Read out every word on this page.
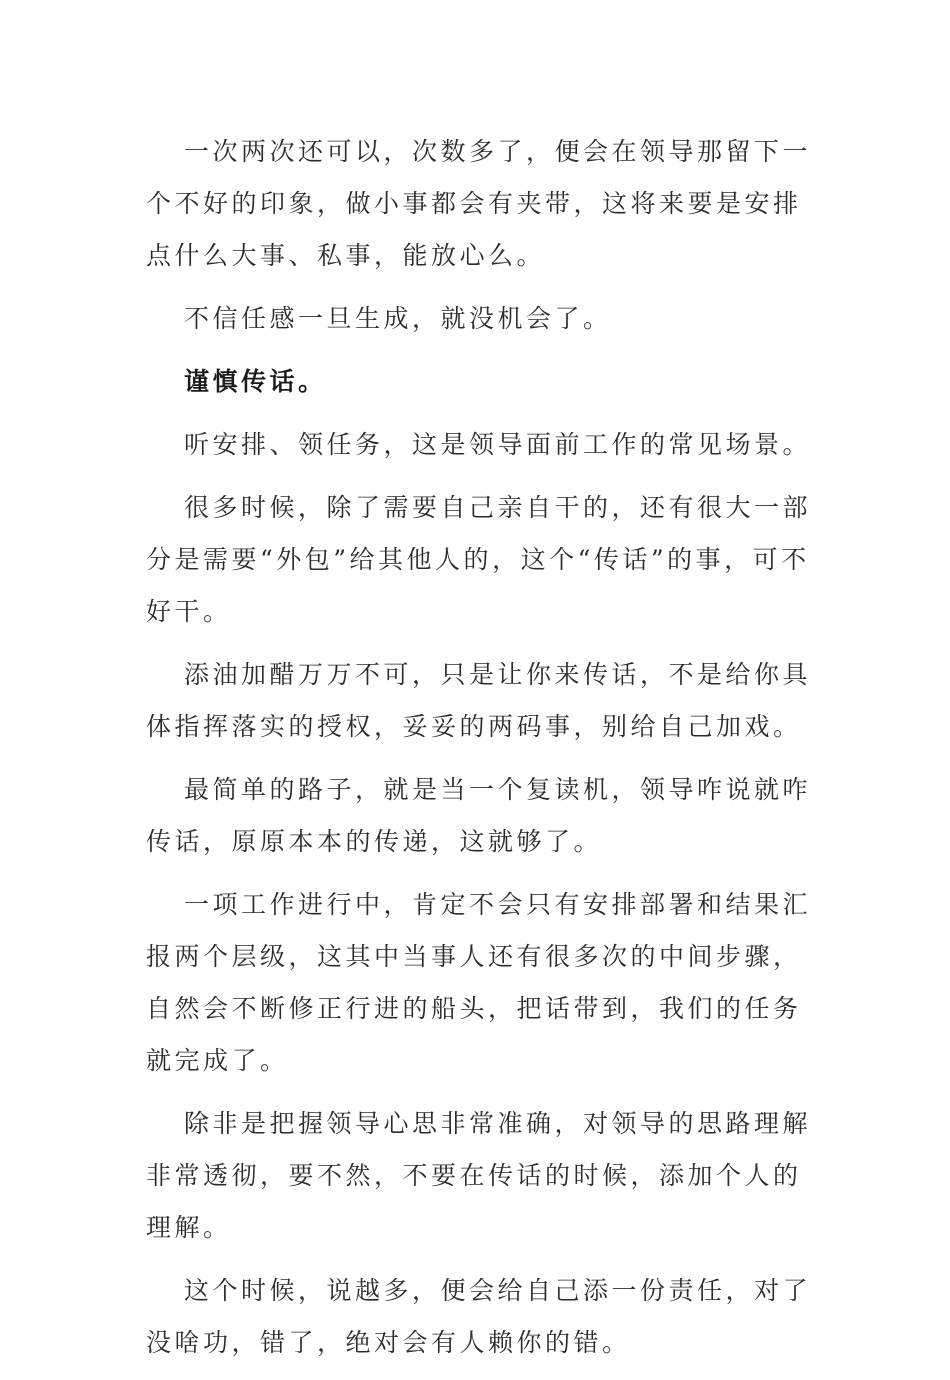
一次两次还可以，次数多了，便会在领导那留下一个不好的印象，做小事都会有夹带，这将来要是安排点什么大事、私事，能放心么。

不信任感一旦生成，就没机会了。

谨慎传话。

听安排、领任务，这是领导面前工作的常见场景。

很多时候，除了需要自己亲自干的，还有很大一部分是需要“外包”给其他人的，这个“传话”的事，可不好干。

添油加醋万万不可，只是让你来传话，不是给你具体指挥落实的授权，妥妥的两码事，别给自己加戏。

最简单的路子，就是当一个复读机，领导咋说就咋传话，原原本本的传递，这就够了。

一项工作进行中，肯定不会只有安排部署和结果汇报两个层级，这其中当事人还有很多次的中间步骤，自然会不断修正行进的船头，把话带到，我们的任务就完成了。

除非是把握领导心思非常准确，对领导的思路理解非常透彻，要不然，不要在传话的时候，添加个人的理解。

这个时候，说越多，便会给自己添一份责任，对了没啥功，错了，绝对会有人赖你的错。
